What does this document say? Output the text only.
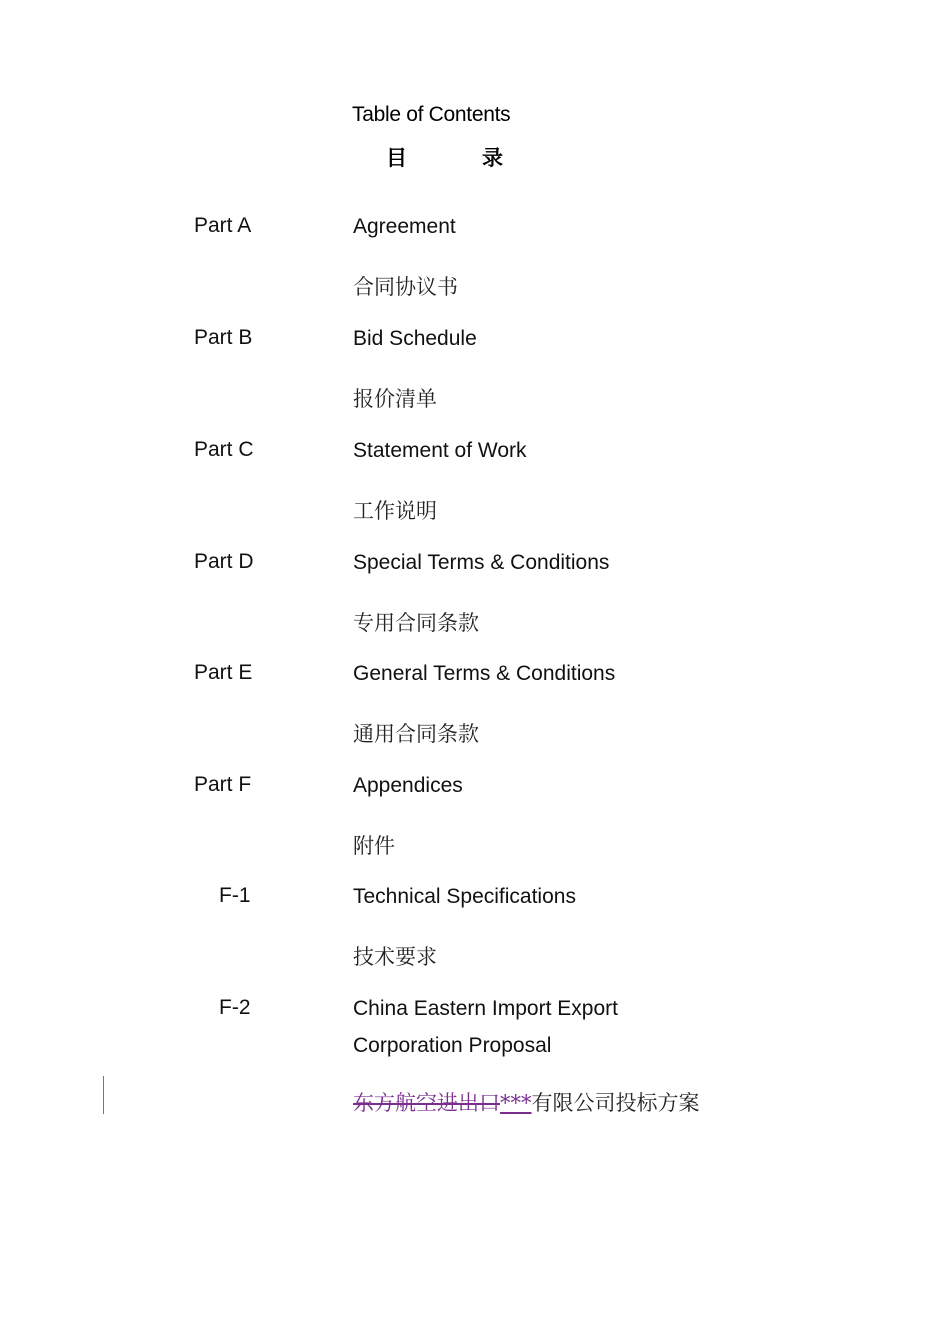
Table of Contents
目	录
Part A	Agreement
合同协议书
Part B	Bid Schedule
报价清单
Part C	Statement of Work
工作说明
Part D	Special Terms & Conditions
专用合同条款
Part E	General Terms & Conditions
通用合同条款
Part F	Appendices
附件
F-1	Technical Specifications
技术要求
F-2	China Eastern Import Export
Corporation Proposal
东方航空进出口***有限公司投标方案
